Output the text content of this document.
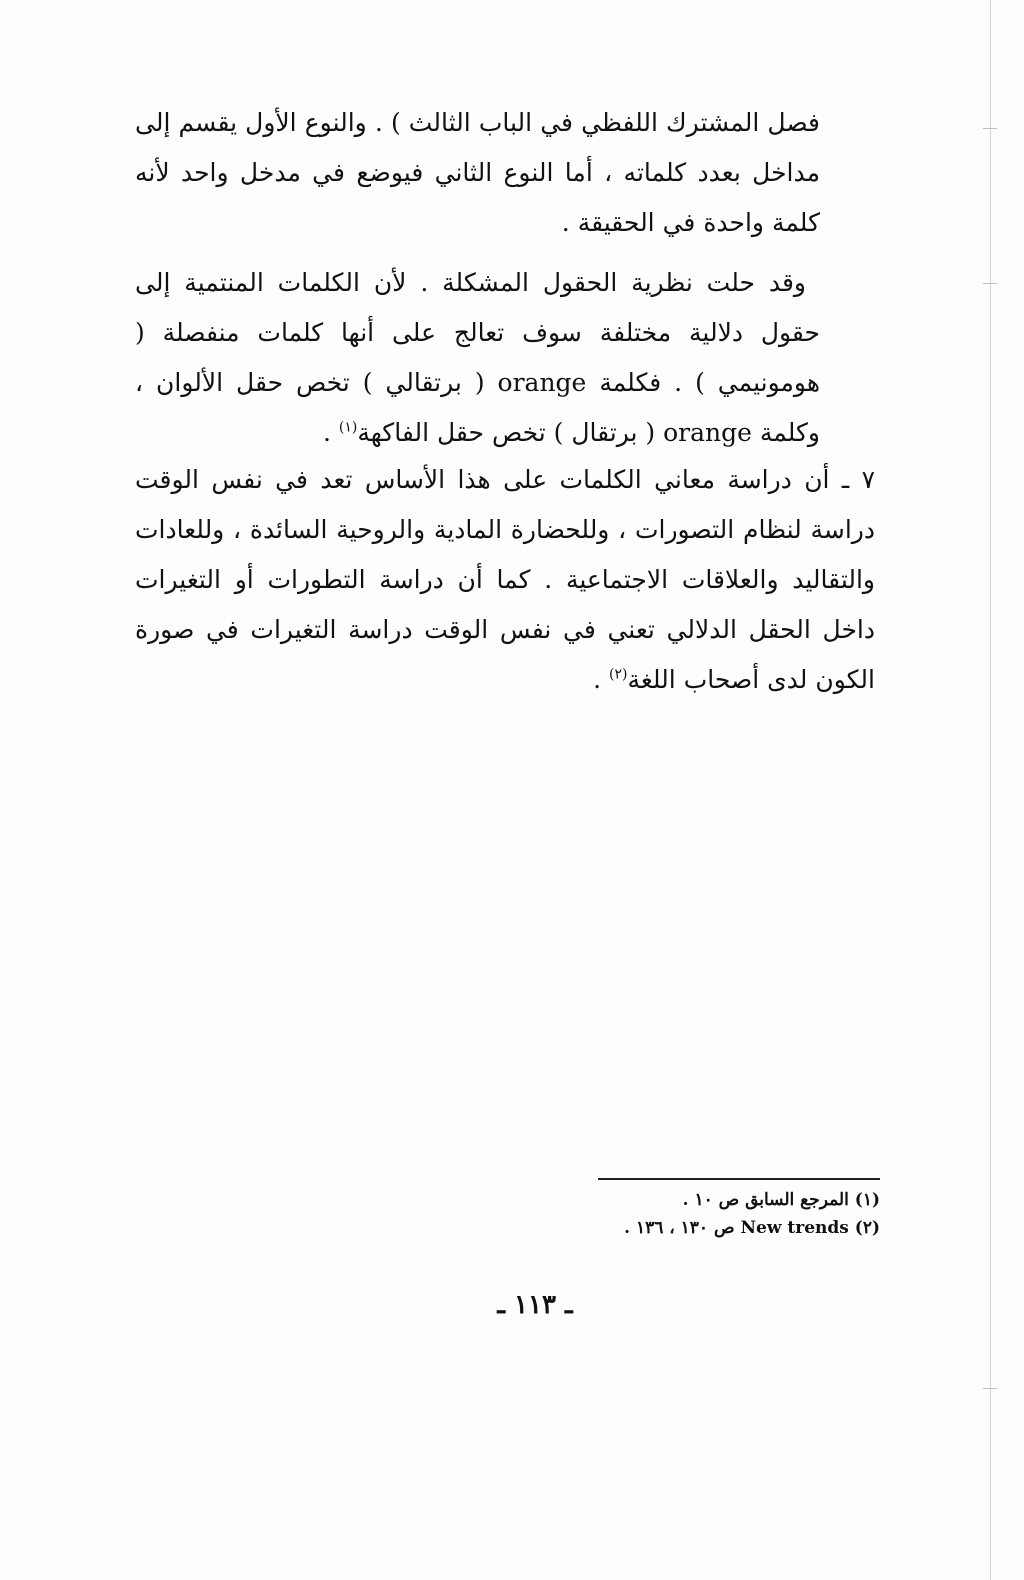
فصل المشترك اللفظي في الباب الثالث ) . والنوع الأول يقسم إلى مداخل بعدد كلماته ، أما النوع الثاني فيوضع في مدخل واحد لأنه كلمة واحدة في الحقيقة .

وقد حلت نظرية الحقول المشكلة . لأن الكلمات المنتمية إلى حقول دلالية مختلفة سوف تعالج على أنها كلمات منفصلة ( هومونيمي ) . فكلمة orange ( برتقالي ) تخص حقل الألوان ، وكلمة orange ( برتقال ) تخص حقل الفاكهة$^{(١)}$ .

٧ ـ أن دراسة معاني الكلمات على هذا الأساس تعد في نفس الوقت دراسة لنظام التصورات ، وللحضارة المادية والروحية السائدة ، وللعادات والتقاليد والعلاقات الاجتماعية . كما أن دراسة التطورات أو التغيرات داخل الحقل الدلالي تعني في نفس الوقت دراسة التغيرات في صورة الكون لدى أصحاب اللغة$^{(٢)}$ .

(١) المرجع السابق ص ١٠ .
(٢) New trends ص ١٣٠ ، ١٣٦ .
ـ ١١٣ ـ
